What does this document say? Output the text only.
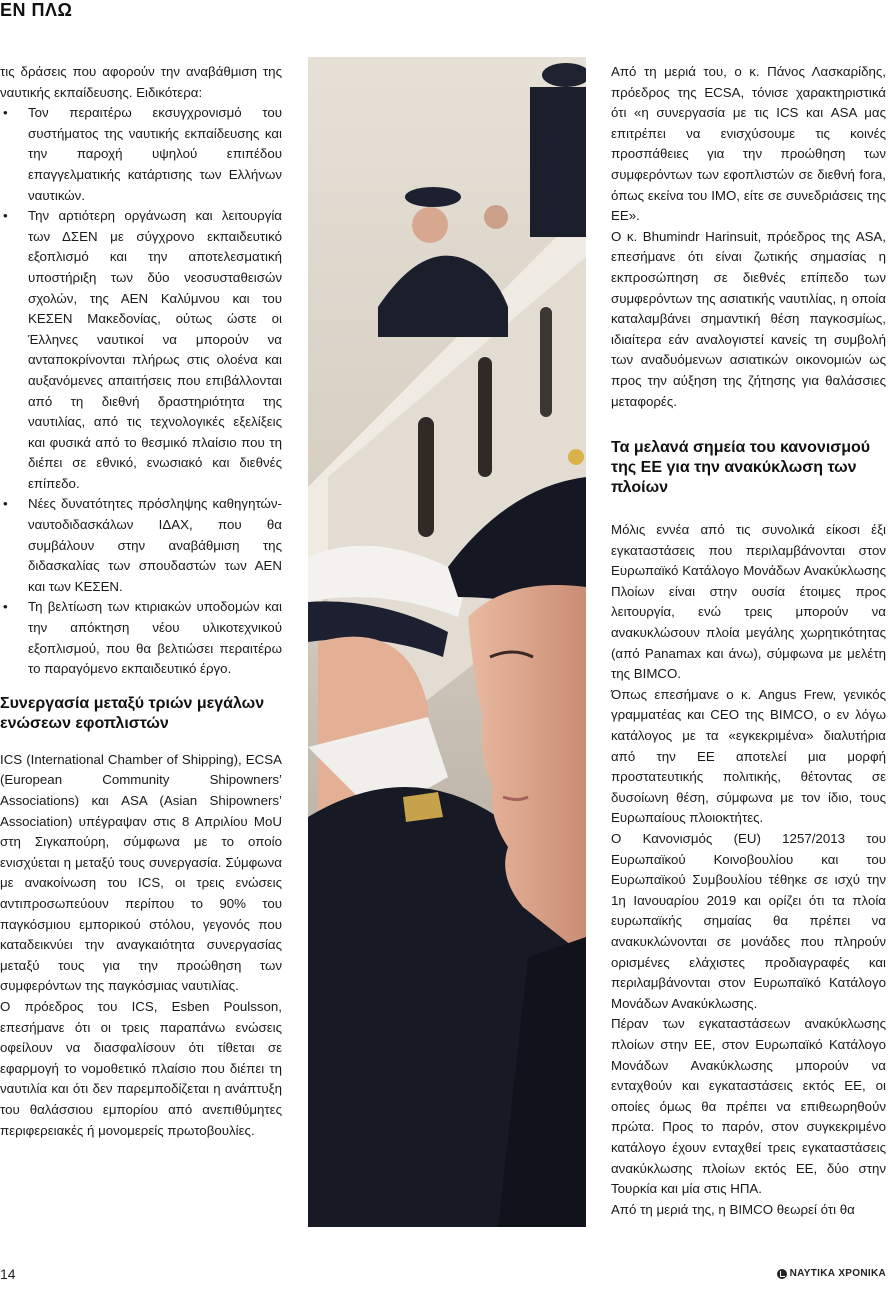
ΕΝ ΠΛΩ

τις δράσεις που αφορούν την αναβάθμιση της ναυτικής εκπαίδευσης. Ειδικότερα:

• Τον περαιτέρω εκσυγχρονισμό του συστήματος της ναυτικής εκπαίδευσης και την παροχή υψηλού επιπέδου επαγγελματικής κατάρτισης των Ελλήνων ναυτικών.
• Την αρτιότερη οργάνωση και λειτουργία των ΔΣΕΝ με σύγχρονο εκπαιδευτικό εξοπλισμό και την αποτελεσματική υποστήριξη των δύο νεοσυσταθεισών σχολών, της ΑΕΝ Καλύμνου και του ΚΕΣΕΝ Μακεδονίας, ούτως ώστε οι Έλληνες ναυτικοί να μπορούν να ανταποκρίνονται πλήρως στις ολοένα και αυξανόμενες απαιτήσεις που επιβάλλονται από τη διεθνή δραστηριότητα της ναυτιλίας, από τις τεχνολογικές εξελίξεις και φυσικά από το θεσμικό πλαίσιο που τη διέπει σε εθνικό, ενωσιακό και διεθνές επίπεδο.
• Νέες δυνατότητες πρόσληψης καθηγητών-ναυτοδιδασκάλων ΙΔΑΧ, που θα συμβάλουν στην αναβάθμιση της διδασκαλίας των σπουδαστών των ΑΕΝ και των ΚΕΣΕΝ.
• Τη βελτίωση των κτιριακών υποδομών και την απόκτηση νέου υλικοτεχνικού εξοπλισμού, που θα βελτιώσει περαιτέρω το παραγόμενο εκπαιδευτικό έργο.
Συνεργασία μεταξύ τριών μεγάλων ενώσεων εφοπλιστών

ICS (International Chamber of Shipping), ECSA (European Community Shipowners’ Associations) και ASA (Asian Shipowners’ Association) υπέγραψαν στις 8 Απριλίου MoU στη Σιγκαπούρη, σύμφωνα με το οποίο ενισχύεται η μεταξύ τους συνεργασία. Σύμφωνα με ανακοίνωση του ICS, οι τρεις ενώσεις αντιπροσωπεύουν περίπου το 90% του παγκόσμιου εμπορικού στόλου, γεγονός που καταδεικνύει την αναγκαιότητα συνεργασίας μεταξύ τους για την προώθηση των συμφερόντων της παγκόσμιας ναυτιλίας.

Ο πρόεδρος του ICS, Esben Poulsson, επεσήμανε ότι οι τρεις παραπάνω ενώσεις οφείλουν να διασφαλίσουν ότι τίθεται σε εφαρμογή το νομοθετικό πλαίσιο που διέπει τη ναυτιλία και ότι δεν παρεμποδίζεται η ανάπτυξη του θαλάσσιου εμπορίου από ανεπιθύμητες περιφερειακές ή μονομερείς πρωτοβουλίες.

Από τη μεριά του, ο κ. Πάνος Λασκαρίδης, πρόεδρος της ECSA, τόνισε χαρακτηριστικά ότι «η συνεργασία με τις ICS και ASA μας επιτρέπει να ενισχύσουμε τις κοινές προσπάθειες για την προώθηση των συμφερόντων των εφοπλιστών σε διεθνή fora, όπως εκείνα του IMO, είτε σε συνεδριάσεις της ΕΕ».

Ο κ. Bhumindr Harinsuit, πρόεδρος της ASA, επεσήμανε ότι είναι ζωτικής σημασίας η εκπροσώπηση σε διεθνές επίπεδο των συμφερόντων της ασιατικής ναυτιλίας, η οποία καταλαμβάνει σημαντική θέση παγκοσμίως, ιδιαίτερα εάν αναλογιστεί κανείς τη συμβολή των αναδυόμενων ασιατικών οικονομιών ως προς την αύξηση της ζήτησης για θαλάσσιες μεταφορές.

Τα μελανά σημεία του κανονισμού της ΕΕ για την ανακύκλωση των πλοίων

Μόλις εννέα από τις συνολικά είκοσι έξι εγκαταστάσεις που περιλαμβάνονται στον Ευρωπαϊκό Κατάλογο Μονάδων Ανακύκλωσης Πλοίων είναι στην ουσία έτοιμες προς λειτουργία, ενώ τρεις μπορούν να ανακυκλώσουν πλοία μεγάλης χωρητικότητας (από Panamax και άνω), σύμφωνα με μελέτη της BIMCO.

Όπως επεσήμανε ο κ. Angus Frew, γενικός γραμματέας και CEO της BIMCO, ο εν λόγω κατάλογος με τα «εγκεκριμένα» διαλυτήρια από την ΕΕ αποτελεί μια μορφή προστατευτικής πολιτικής, θέτοντας σε δυσοίωνη θέση, σύμφωνα με τον ίδιο, τους Ευρωπαίους πλοιοκτήτες.

Ο Κανονισμός (EU) 1257/2013 του Ευρωπαϊκού Κοινοβουλίου και του Ευρωπαϊκού Συμβουλίου τέθηκε σε ισχύ την 1η Ιανουαρίου 2019 και ορίζει ότι τα πλοία ευρωπαϊκής σημαίας θα πρέπει να ανακυκλώνονται σε μονάδες που πληρούν ορισμένες ελάχιστες προδιαγραφές και περιλαμβάνονται στον Ευρωπαϊκό Κατάλογο Μονάδων Ανακύκλωσης.

Πέραν των εγκαταστάσεων ανακύκλωσης πλοίων στην ΕΕ, στον Ευρωπαϊκό Κατάλογο Μονάδων Ανακύκλωσης μπορούν να ενταχθούν και εγκαταστάσεις εκτός ΕΕ, οι οποίες όμως θα πρέπει να επιθεωρηθούν πρώτα. Προς το παρόν, στον συγκεκριμένο κατάλογο έχουν ενταχθεί τρεις εγκαταστάσεις ανακύκλωσης πλοίων εκτός ΕΕ, δύο στην Τουρκία και μία στις ΗΠΑ.

Από τη μεριά της, η BIMCO θεωρεί ότι θα

14	ΝΑΥΤΙΚΑ ΧΡΟΝΙΚΑ
